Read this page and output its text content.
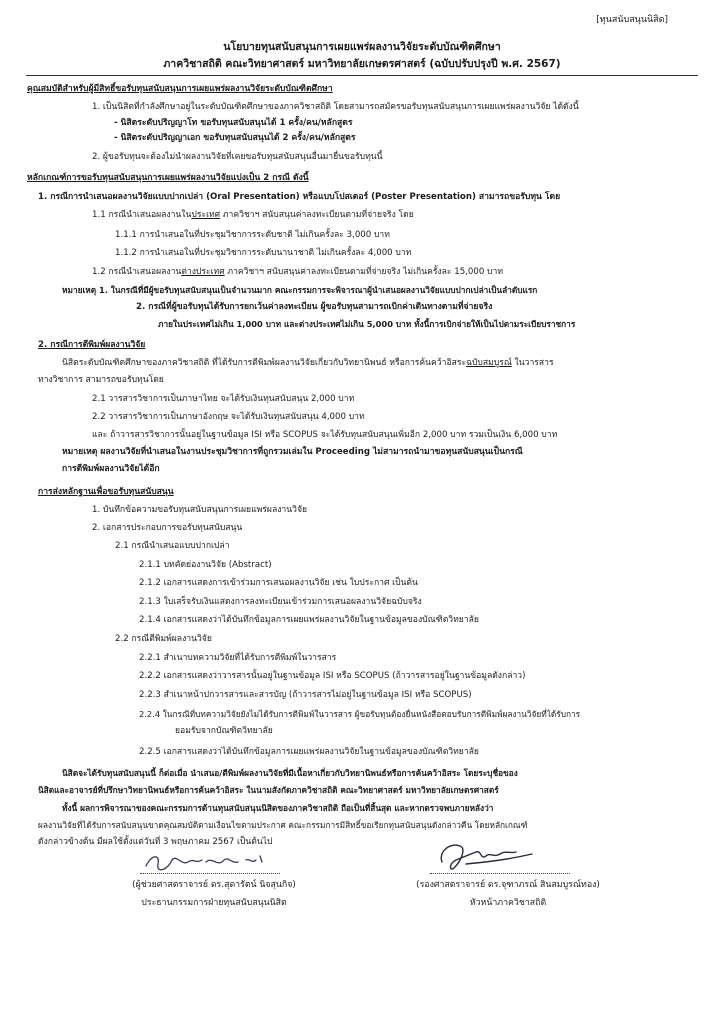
[ทุนสนับสนุนนิสิต]
นโยบายทุนสนับสนุนการเผยแพร่ผลงานวิจัยระดับบัณฑิตศึกษา
ภาควิชาสถิติ คณะวิทยาศาสตร์ มหาวิทยาลัยเกษตรศาสตร์ (ฉบับปรับปรุงปี พ.ศ. 2567)
คุณสมบัติสำหรับผู้มีสิทธิ์ขอรับทุนสนับสนุนการเผยแพร่ผลงานวิจัยระดับบัณฑิตศึกษา
1. เป็นนิสิตที่กำลังศึกษาอยู่ในระดับบัณฑิตศึกษาของภาควิชาสถิติ โดยสามารถสมัครขอรับทุนสนับสนุนการเผยแพร่ผลงานวิจัย ได้ดังนี้
- นิสิตระดับปริญญาโท ขอรับทุนสนับสนุนได้ 1 ครั้ง/คน/หลักสูตร
- นิสิตระดับปริญญาเอก ขอรับทุนสนับสนุนได้ 2 ครั้ง/คน/หลักสูตร
2. ผู้ขอรับทุนจะต้องไม่นำผลงานวิจัยที่เคยขอรับทุนสนับสนุนอื่นมายื่นขอรับทุนนี้
หลักเกณฑ์การขอรับทุนสนับสนุนการเผยแพร่ผลงานวิจัยแบ่งเป็น 2 กรณี ดังนี้
1. กรณีการนำเสนอผลงานวิจัยแบบปากเปล่า (Oral Presentation) หรือแบบโปสเตอร์ (Poster Presentation) สามารถขอรับทุน โดย
1.1 กรณีนำเสนอผลงานในประเทศ ภาควิชาฯ สนับสนุนค่าลงทะเบียนตามที่จ่ายจริง โดย
1.1.1 การนำเสนอในที่ประชุมวิชาการระดับชาติ ไม่เกินครั้งละ 3,000 บาท
1.1.2 การนำเสนอในที่ประชุมวิชาการระดับนานาชาติ ไม่เกินครั้งละ 4,000 บาท
1.2 กรณีนำเสนอผลงานต่างประเทศ ภาควิชาฯ สนับสนุนค่าลงทะเบียนตามที่จ่ายจริง ไม่เกินครั้งละ 15,000 บาท
หมายเหตุ 1. ในกรณีที่มีผู้ขอรับทุนสนับสนุนเป็นจำนวนมาก คณะกรรมการจะพิจารณาผู้นำเสนอผลงานวิจัยแบบปากเปล่าเป็นลำดับแรก
2. กรณีที่ผู้ขอรับทุนได้รับการยกเว้นค่าลงทะเบียน ผู้ขอรับทุนสามารถเบิกค่าเดินทางตามที่จ่ายจริง
ภายในประเทศไม่เกิน 1,000 บาท และต่างประเทศไม่เกิน 5,000 บาท ทั้งนี้การเบิกจ่ายให้เป็นไปตามระเบียบราชการ
2. กรณีการตีพิมพ์ผลงานวิจัย
นิสิตระดับบัณฑิตศึกษาของภาควิชาสถิติ ที่ได้รับการตีพิมพ์ผลงานวิจัยเกี่ยวกับวิทยานิพนธ์ หรือการค้นคว้าอิสระฉบับสมบูรณ์ ในวารสาร
ทางวิชาการ สามารถขอรับทุนโดย
2.1 วารสารวิชาการเป็นภาษาไทย จะได้รับเงินทุนสนับสนุน 2,000 บาท
2.2 วารสารวิชาการเป็นภาษาอังกฤษ จะได้รับเงินทุนสนับสนุน 4,000 บาท
และ ถ้าวารสารวิชาการนั้นอยู่ในฐานข้อมูล ISI หรือ SCOPUS จะได้รับทุนสนับสนุนเพิ่มอีก 2,000 บาท รวมเป็นเงิน 6,000 บาท
หมายเหตุ ผลงานวิจัยที่นำเสนอในงานประชุมวิชาการที่ถูกรวมเล่มใน Proceeding ไม่สามารถนำมาขอทุนสนับสนุนเป็นกรณี
การตีพิมพ์ผลงานวิจัยได้อีก
การส่งหลักฐานเพื่อขอรับทุนสนับสนุน
1. บันทึกข้อความขอรับทุนสนับสนุนการเผยแพร่ผลงานวิจัย
2. เอกสารประกอบการขอรับทุนสนับสนุน
2.1 กรณีนำเสนอแบบปากเปล่า
2.1.1 บทคัดย่องานวิจัย (Abstract)
2.1.2 เอกสารแสดงการเข้าร่วมการเสนอผลงานวิจัย เช่น ใบประกาศ เป็นต้น
2.1.3 ใบเสร็จรับเงินแสดงการลงทะเบียนเข้าร่วมการเสนอผลงานวิจัยฉบับจริง
2.1.4 เอกสารแสดงว่าได้บันทึกข้อมูลการเผยแพร่ผลงานวิจัยในฐานข้อมูลของบัณฑิตวิทยาลัย
2.2 กรณีตีพิมพ์ผลงานวิจัย
2.2.1 สำเนาบทความวิจัยที่ได้รับการตีพิมพ์ในวารสาร
2.2.2 เอกสารแสดงว่าวารสารนั้นอยู่ในฐานข้อมูล ISI หรือ SCOPUS (ถ้าวารสารอยู่ในฐานข้อมูลดังกล่าว)
2.2.3 สำเนาหน้าปกวารสารและสารบัญ (ถ้าวารสารไม่อยู่ในฐานข้อมูล ISI หรือ SCOPUS)
2.2.4 ในกรณีที่บทความวิจัยยังไม่ได้รับการตีพิมพ์ในวารสาร ผู้ขอรับทุนต้องยื่นหนังสือตอบรับการตีพิมพ์ผลงานวิจัยที่ได้รับการ
ยอมรับจากบัณฑิตวิทยาลัย
2.2.5 เอกสารแสดงว่าได้บันทึกข้อมูลการเผยแพร่ผลงานวิจัยในฐานข้อมูลของบัณฑิตวิทยาลัย
นิสิตจะได้รับทุนสนับสนุนนี้ ก็ต่อเมื่อ นำเสนอ/ตีพิมพ์ผลงานวิจัยที่มีเนื้อหาเกี่ยวกับวิทยานิพนธ์หรือการค้นคว้าอิสระ โดยระบุชื่อของ
นิสิตและอาจารย์ที่ปรึกษาวิทยานิพนธ์หรือการค้นคว้าอิสระ ในนามสังกัดภาควิชาสถิติ คณะวิทยาศาสตร์ มหาวิทยาลัยเกษตรศาสตร์
ทั้งนี้ ผลการพิจารณาของคณะกรรมการด้านทุนสนับสนุนนิสิตของภาควิชาสถิติ ถือเป็นที่สิ้นสุด และหากตรวจพบภายหลังว่า
ผลงานวิจัยที่ได้รับการสนับสนุนขาดคุณสมบัติตามเงื่อนไขตามประกาศ คณะกรรมการมีสิทธิ์ขอเรียกทุนสนับสนุนดังกล่าวคืน โดยหลักเกณฑ์
ดังกล่าวข้างต้น มีผลใช้ตั้งแต่วันที่ 3 พฤษภาคม 2567 เป็นต้นไป
(ผู้ช่วยศาสตราจารย์ ดร.สุดารัตน์ นิจสุนกิจ)
ประธานกรรมการฝ่ายทุนสนับสนุนนิสิต
(รองศาสตราจารย์ ดร.จุฑาภรณ์ สินสมบูรณ์ทอง)
หัวหน้าภาควิชาสถิติ
